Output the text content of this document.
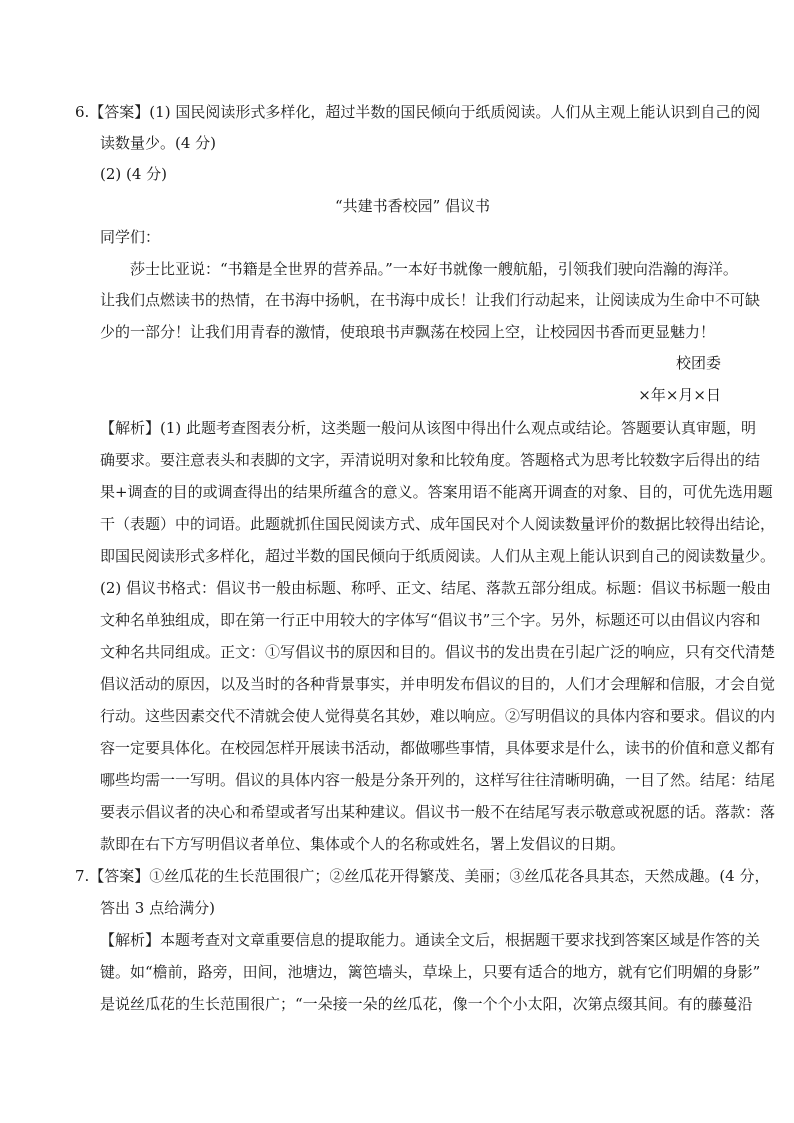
6.【答案】(1) 国民阅读形式多样化，超过半数的国民倾向于纸质阅读。人们从主观上能认识到自己的阅
读数量少。(4 分)
(2) (4 分)
“共建书香校园” 倡议书
同学们：
莎士比亚说：“书籍是全世界的营养品。”一本好书就像一艘航船，引领我们驶向浩瀚的海洋。
让我们点燃读书的热情，在书海中扬帆，在书海中成长！让我们行动起来，让阅读成为生命中不可缺
少的一部分！让我们用青春的激情，使琅琅书声飘荡在校园上空，让校园因书香而更显魅力！
校团委
×年×月×日
【解析】(1) 此题考查图表分析，这类题一般问从该图中得出什么观点或结论。答题要认真审题，明
确要求。要注意表头和表脚的文字，弄清说明对象和比较角度。答题格式为思考比较数字后得出的结
果+调查的目的或调查得出的结果所蕴含的意义。答案用语不能离开调查的对象、目的，可优先选用题
干（表题）中的词语。此题就抓住国民阅读方式、成年国民对个人阅读数量评价的数据比较得出结论，
即国民阅读形式多样化，超过半数的国民倾向于纸质阅读。人们从主观上能认识到自己的阅读数量少。
(2) 倡议书格式：倡议书一般由标题、称呼、正文、结尾、落款五部分组成。标题：倡议书标题一般由
文种名单独组成，即在第一行正中用较大的字体写“倡议书”三个字。另外，标题还可以由倡议内容和
文种名共同组成。正文：①写倡议书的原因和目的。倡议书的发出贵在引起广泛的响应，只有交代清楚
倡议活动的原因，以及当时的各种背景事实，并申明发布倡议的目的，人们才会理解和信服，才会自觉
行动。这些因素交代不清就会使人觉得莫名其妙，难以响应。②写明倡议的具体内容和要求。倡议的内
容一定要具体化。在校园怎样开展读书活动，都做哪些事情，具体要求是什么，读书的价值和意义都有
哪些均需一一写明。倡议的具体内容一般是分条开列的，这样写往往清晰明确，一目了然。结尾：结尾
要表示倡议者的决心和希望或者写出某种建议。倡议书一般不在结尾写表示敬意或祝愿的话。落款：落
款即在右下方写明倡议者单位、集体或个人的名称或姓名，署上发倡议的日期。
7.【答案】①丝瓜花的生长范围很广；②丝瓜花开得繁茂、美丽；③丝瓜花各具其态，天然成趣。(4 分，
答出 3 点给满分)
【解析】本题考查对文章重要信息的提取能力。通读全文后，根据题干要求找到答案区域是作答的关
键。如“檐前，路旁，田间，池塘边，篱笆墙头，草垛上，只要有适合的地方，就有它们明媚的身影”
是说丝瓜花的生长范围很广；“一朵接一朵的丝瓜花，像一个个小太阳，次第点缀其间。有的藤蔓沿
